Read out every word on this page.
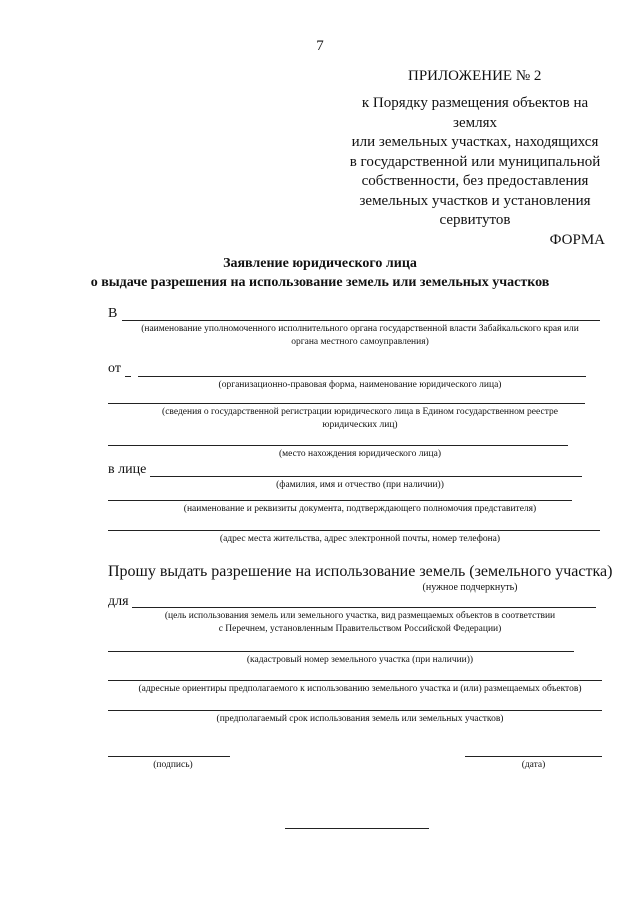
7
ПРИЛОЖЕНИЕ № 2
к Порядку размещения объектов на землях
или земельных участках, находящихся
в государственной или муниципальной
собственности, без предоставления
земельных участков и установления
сервитутов
ФОРМА
Заявление юридического лица
о выдаче разрешения на использование земель или земельных участков
В
(наименование уполномоченного исполнительного органа государственной власти Забайкальского края или
органа местного самоуправления)
от
(организационно-правовая форма, наименование юридического лица)
(сведения о государственной регистрации юридического лица в Едином государственном реестре
юридических лиц)
(место нахождения юридического лица)
в лице
(фамилия, имя и отчество (при наличии))
(наименование и реквизиты документа, подтверждающего полномочия представителя)
(адрес места жительства, адрес электронной почты, номер телефона)
Прошу выдать разрешение на использование земель (земельного участка)
(нужное подчеркнуть)
для
(цель использования земель или земельного участка, вид размещаемых объектов в соответствии
с Перечнем, установленным Правительством Российской Федерации)
(кадастровый номер земельного участка (при наличии))
(адресные ориентиры предполагаемого к использованию земельного участка и (или) размещаемых объектов)
(предполагаемый срок использования земель или земельных участков)
(подпись)	(дата)
